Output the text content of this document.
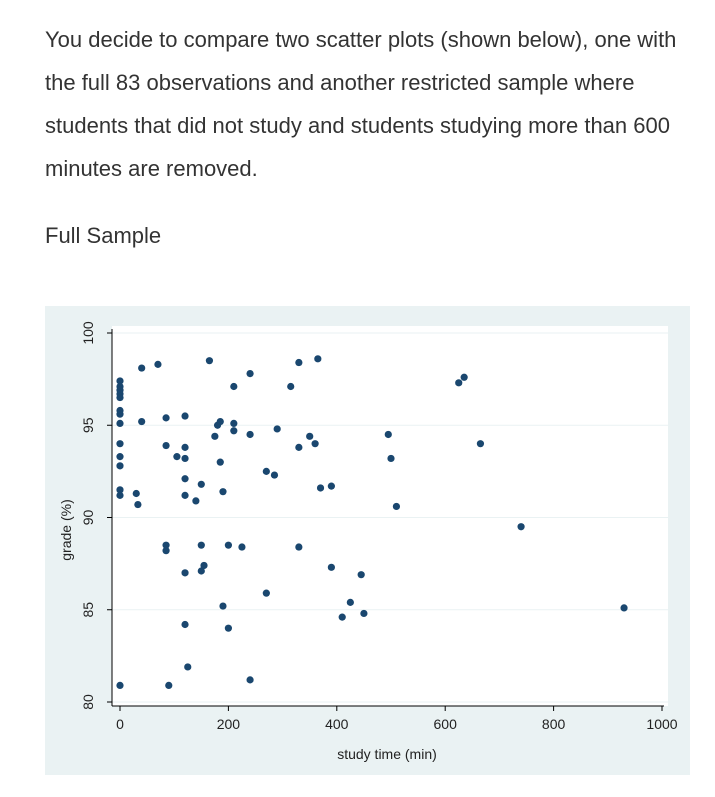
You decide to compare two scatter plots (shown below), one with the full 83 observations and another restricted sample where students that did not study and students studying more than 600 minutes are removed.

Full Sample

80
85
90
95
100
0	200	400	600	800	1000
study time (min)
grade (%)
